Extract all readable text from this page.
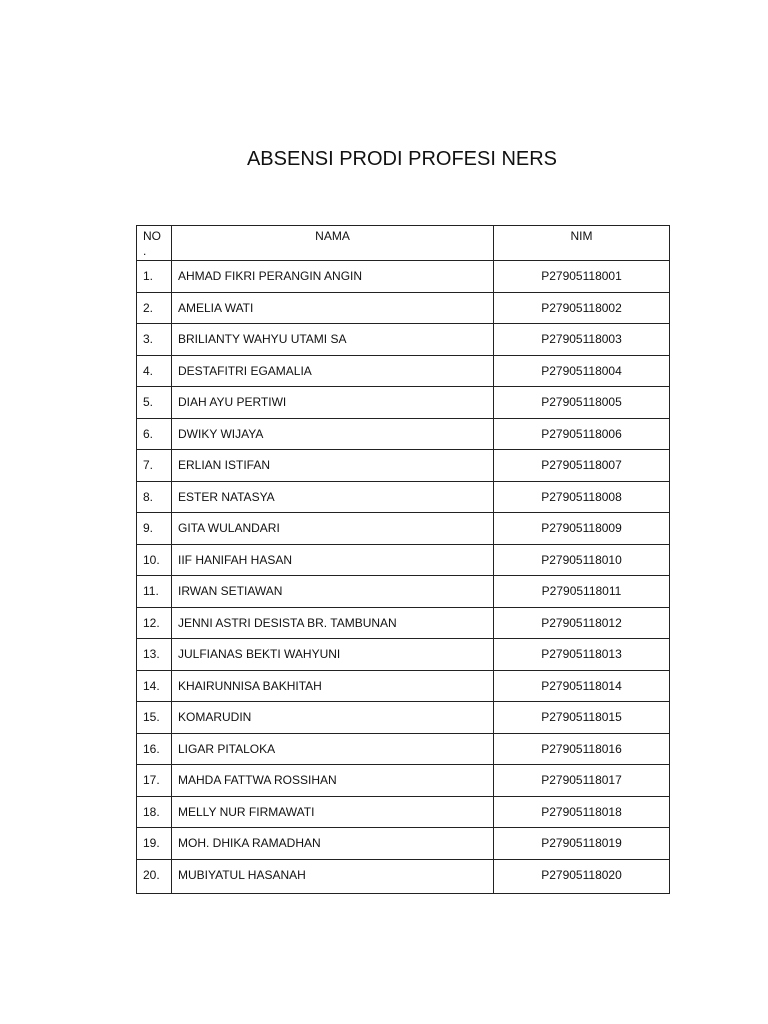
ABSENSI PRODI PROFESI NERS
NO
.	NAMA	NIM
1.	AHMAD FIKRI PERANGIN ANGIN	P27905118001
2.	AMELIA WATI	P27905118002
3.	BRILIANTY WAHYU UTAMI SA	P27905118003
4.	DESTAFITRI EGAMALIA	P27905118004
5.	DIAH AYU PERTIWI	P27905118005
6.	DWIKY WIJAYA	P27905118006
7.	ERLIAN ISTIFAN	P27905118007
8.	ESTER NATASYA	P27905118008
9.	GITA WULANDARI	P27905118009
10.	IIF HANIFAH HASAN	P27905118010
11.	IRWAN SETIAWAN	P27905118011
12.	JENNI ASTRI DESISTA BR. TAMBUNAN	P27905118012
13.	JULFIANAS BEKTI WAHYUNI	P27905118013
14.	KHAIRUNNISA BAKHITAH	P27905118014
15.	KOMARUDIN	P27905118015
16.	LIGAR PITALOKA	P27905118016
17.	MAHDA FATTWA ROSSIHAN	P27905118017
18.	MELLY NUR FIRMAWATI	P27905118018
19.	MOH. DHIKA RAMADHAN	P27905118019
20.	MUBIYATUL HASANAH	P27905118020
